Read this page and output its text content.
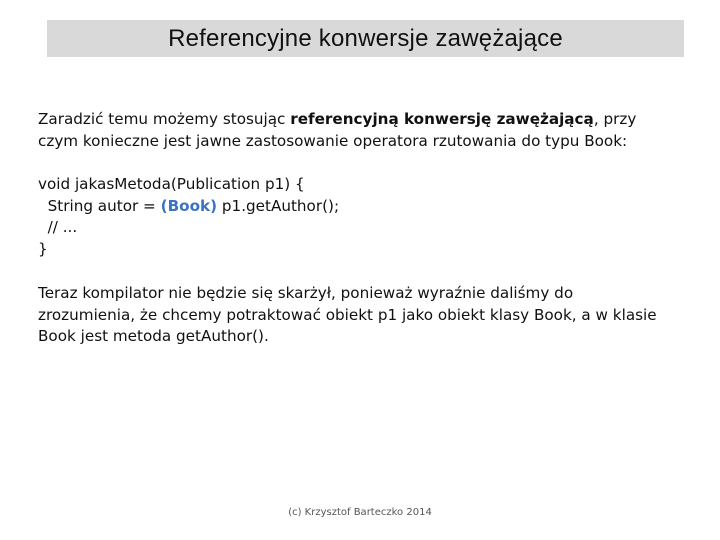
Referencyjne konwersje zawężające
Zaradzić temu możemy stosując referencyjną konwersję zawężającą, przy
czym konieczne jest jawne zastosowanie operatora rzutowania do typu Book:
void jakasMetoda(Publication p1) {
String autor = (Book) p1.getAuthor();
// ...
}
Teraz kompilator nie będzie się skarżył, ponieważ wyraźnie daliśmy do
zrozumienia, że chcemy potraktować obiekt p1 jako obiekt klasy Book, a w klasie
Book jest metoda getAuthor().
(c) Krzysztof Barteczko 2014
